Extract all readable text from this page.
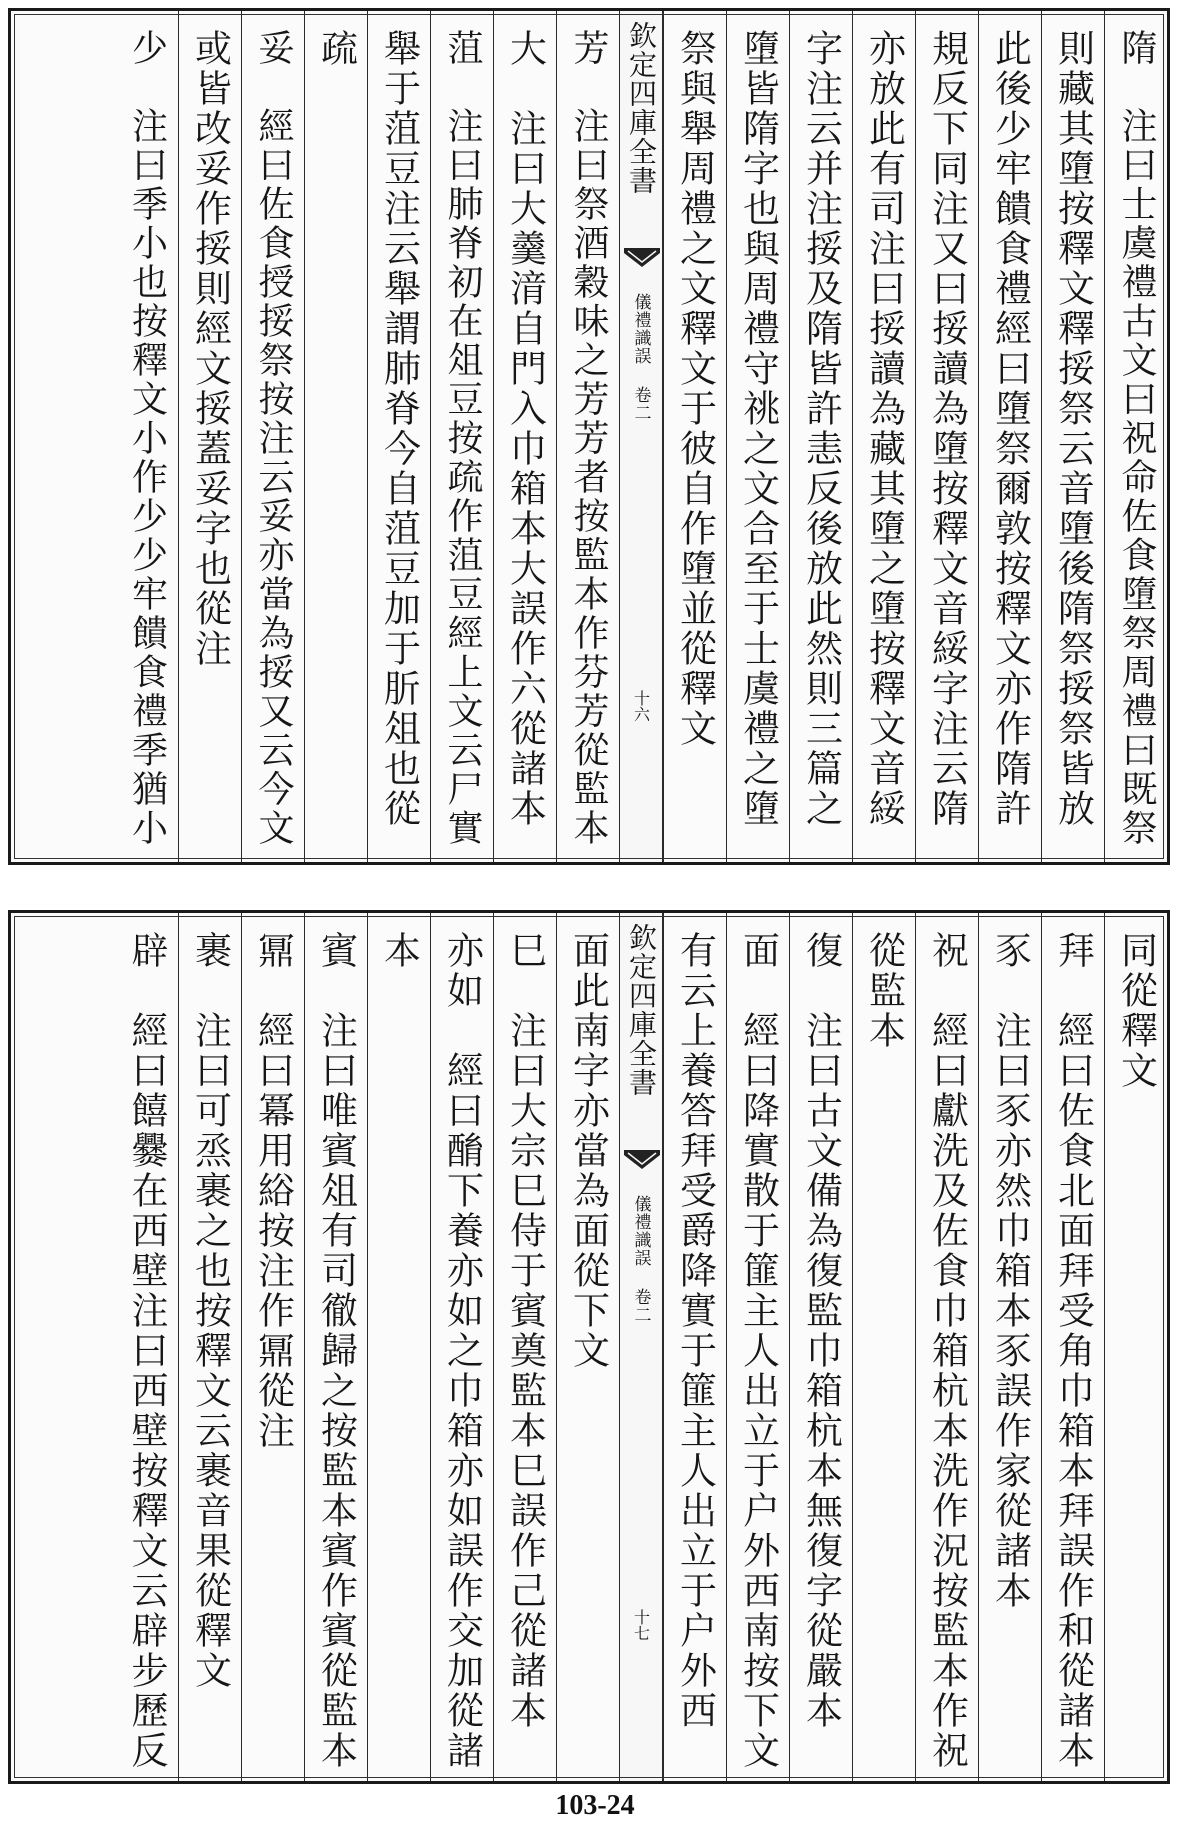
隋　注曰士虞禮古文曰祝命佐食墮祭周禮曰既祭
則藏其墮按釋文釋挼祭云音墮後隋祭挼祭皆放
此後少牢饋食禮經曰墮祭爾敦按釋文亦作隋許
規反下同注又曰挼讀為墮按釋文音綏字注云隋
亦放此有司注曰挼讀為藏其墮之墮按釋文音綏
字注云并注挼及隋皆許恚反後放此然則三篇之
墮皆隋字也與周禮守祧之文合至于士虞禮之墮
祭與舉周禮之文釋文于彼自作墮並從釋文
欽定四庫全書
儀禮識誤 卷二
十六
芳　注曰祭酒穀味之芳芳者按監本作芬芳從監本
大　注曰大羹湇自門入巾箱本大誤作六從諸本
菹　注曰肺脊初在俎豆按疏作菹豆經上文云尸實
舉于菹豆注云舉謂肺脊今自菹豆加于肵俎也從
疏
妥　經曰佐食授挼祭按注云妥亦當為挼又云今文
或皆改妥作挼則經文挼蓋妥字也從注
少　注曰季小也按釋文小作少少牢饋食禮季猶小
同從釋文
拜　經曰佐食北面拜受角巾箱本拜誤作和從諸本
豕　注曰豕亦然巾箱本豕誤作家從諸本
祝　經曰獻洗及佐食巾箱杭本洗作況按監本作祝
從監本
復　注曰古文備為復監巾箱杭本無復字從嚴本
面　經曰降實散于篚主人出立于户外西南按下文
有云上養答拜受爵降實于篚主人出立于户外西
欽定四庫全書
儀禮識誤 卷二
十七
面此南字亦當為面從下文
巳　注曰大宗巳侍于賓奠監本巳誤作己從諸本
亦如　經曰酳下養亦如之巾箱亦如誤作交加從諸
本
賓　注曰唯賓俎有司徹歸之按監本賓作賓從監本
鼏　經曰冪用綌按注作鼏從注
裹　注曰可烝裹之也按釋文云裹音果從釋文
辟　經曰饎爨在西壁注曰西壁按釋文云辟步歷反
103-24
